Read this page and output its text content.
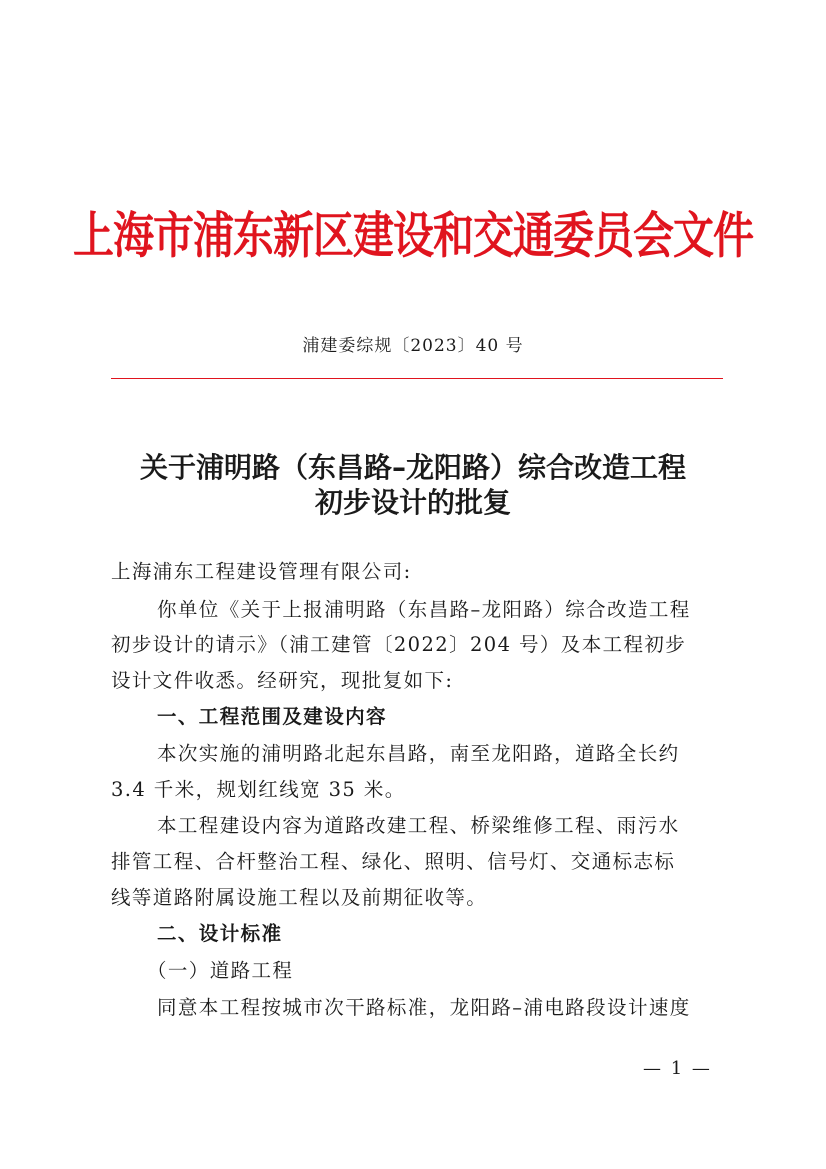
上海市浦东新区建设和交通委员会文件
浦建委综规〔2023〕40 号
关于浦明路（东昌路–龙阳路）综合改造工程
初步设计的批复
上海浦东工程建设管理有限公司:
你单位《关于上报浦明路（东昌路–龙阳路）综合改造工程
初步设计的请示》（浦工建管〔2022〕204 号）及本工程初步
设计文件收悉。经研究，现批复如下:
一、工程范围及建设内容
本次实施的浦明路北起东昌路，南至龙阳路，道路全长约
3.4 千米，规划红线宽 35 米。
本工程建设内容为道路改建工程、桥梁维修工程、雨污水
排管工程、合杆整治工程、绿化、照明、信号灯、交通标志标
线等道路附属设施工程以及前期征收等。
二、设计标准
（一）道路工程
同意本工程按城市次干路标准，龙阳路–浦电路段设计速度
— 1 —
